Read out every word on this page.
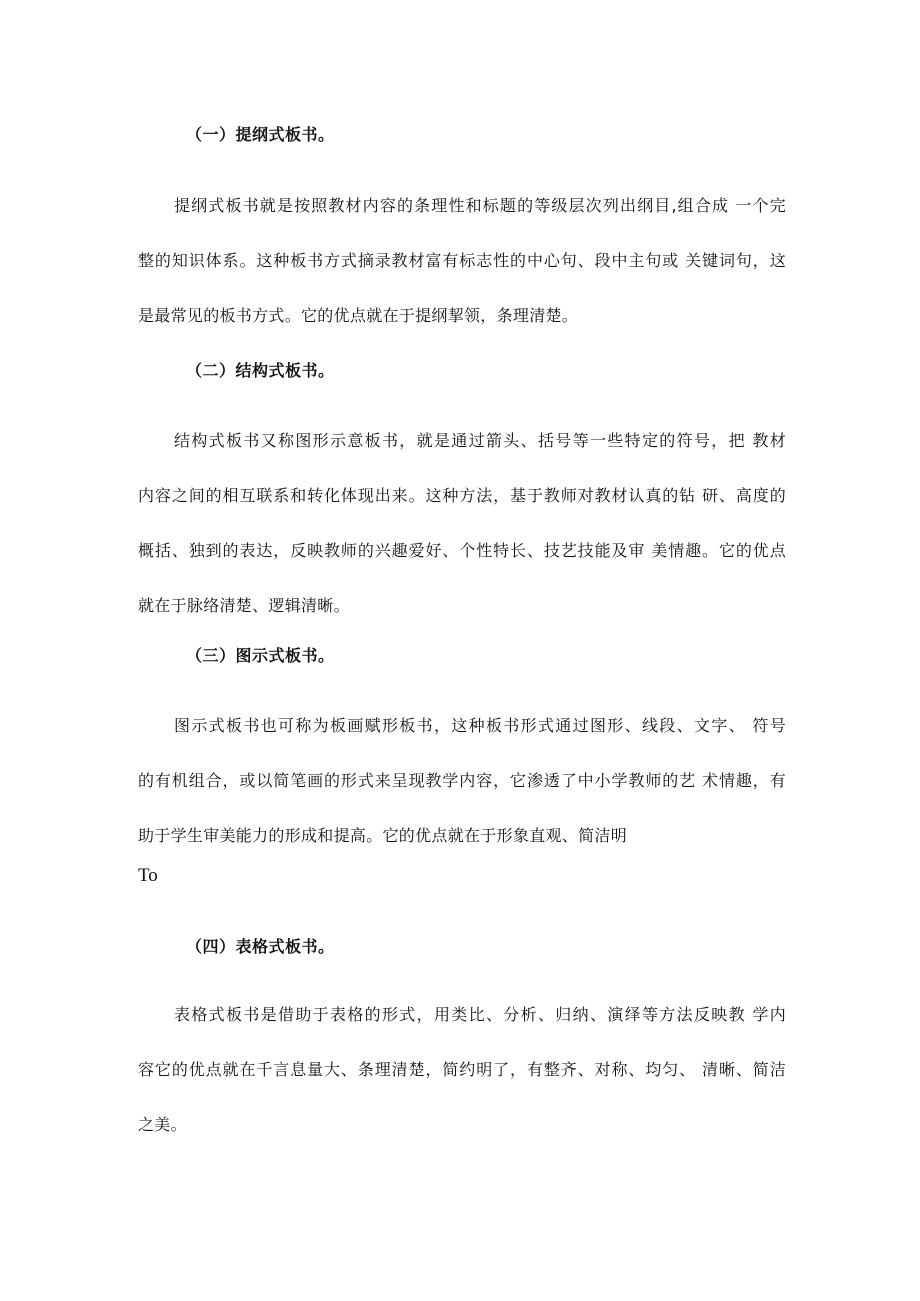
（一）提纲式板书。
提纲式板书就是按照教材内容的条理性和标题的等级层次列出纲目,组合成 一个完
整的知识体系。这种板书方式摘录教材富有标志性的中心句、段中主句或 关键词句，这
是最常见的板书方式。它的优点就在于提纲挈领，条理清楚。
（二）结构式板书。
结构式板书又称图形示意板书，就是通过箭头、括号等一些特定的符号，把 教材
内容之间的相互联系和转化体现出来。这种方法，基于教师对教材认真的钻 研、高度的
概括、独到的表达，反映教师的兴趣爱好、个性特长、技艺技能及审 美情趣。它的优点
就在于脉络清楚、逻辑清晰。
（三）图示式板书。
图示式板书也可称为板画赋形板书，这种板书形式通过图形、线段、文字、 符号
的有机组合，或以简笔画的形式来呈现教学内容，它渗透了中小学教师的艺 术情趣，有
助于学生审美能力的形成和提高。它的优点就在于形象直观、简洁明
To
（四）表格式板书。
表格式板书是借助于表格的形式，用类比、分析、归纳、演绎等方法反映教 学内
容它的优点就在千言息量大、条理清楚，简约明了，有整齐、对称、均匀、 清晰、简洁
之美。
